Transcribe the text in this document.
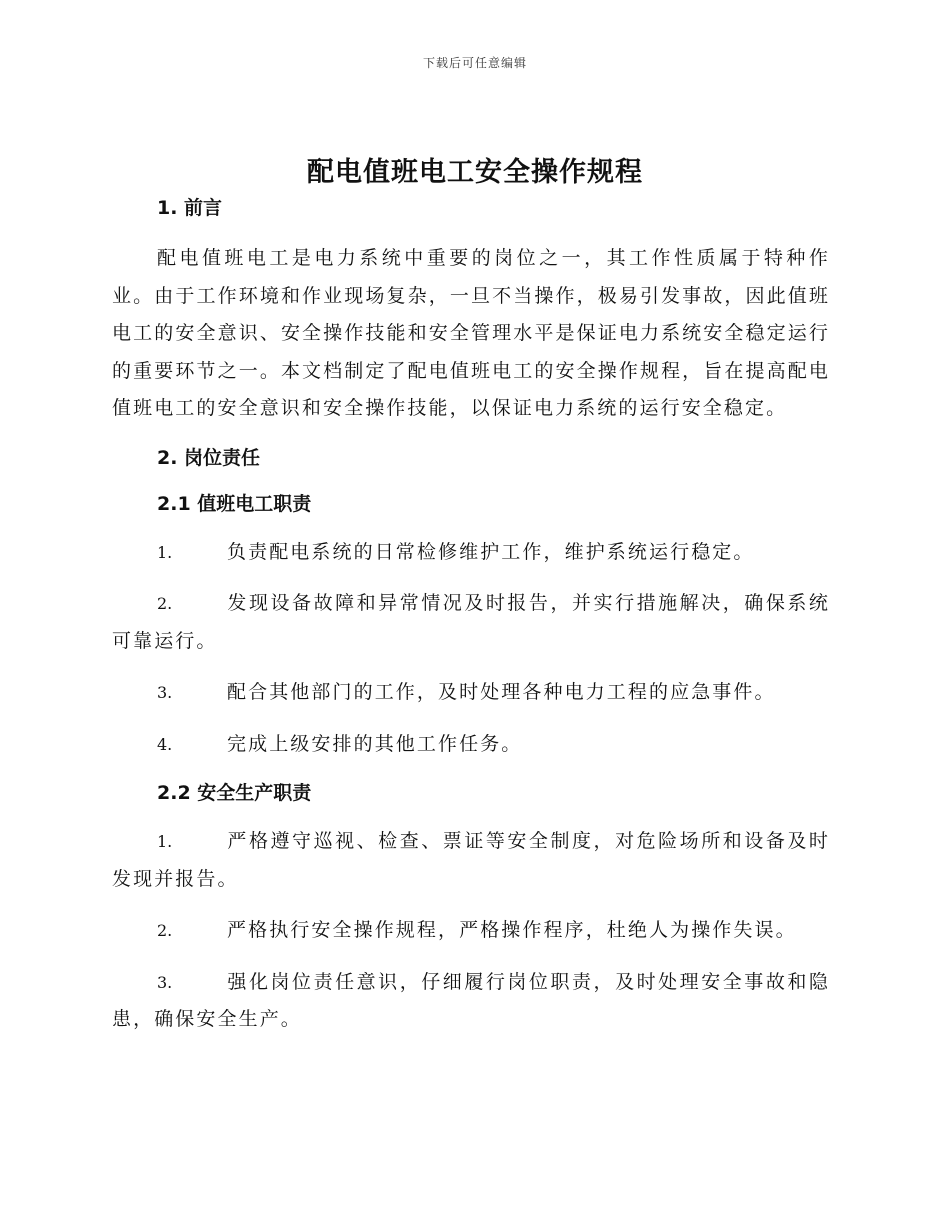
下载后可任意编辑
配电值班电工安全操作规程
1. 前言

配电值班电工是电力系统中重要的岗位之一，其工作性质属于特种作业。由于工作环境和作业现场复杂，一旦不当操作，极易引发事故，因此值班电工的安全意识、安全操作技能和安全管理水平是保证电力系统安全稳定运行的重要环节之一。本文档制定了配电值班电工的安全操作规程，旨在提高配电值班电工的安全意识和安全操作技能，以保证电力系统的运行安全稳定。

2. 岗位责任
2.1 值班电工职责

1.	负责配电系统的日常检修维护工作，维护系统运行稳定。

2.	发现设备故障和异常情况及时报告，并实行措施解决，确保系统可靠运行。

3.	配合其他部门的工作，及时处理各种电力工程的应急事件。

4.	完成上级安排的其他工作任务。

2.2 安全生产职责

1.	严格遵守巡视、检查、票证等安全制度，对危险场所和设备及时发现并报告。

2.	严格执行安全操作规程，严格操作程序，杜绝人为操作失误。

3.	强化岗位责任意识，仔细履行岗位职责，及时处理安全事故和隐患，确保安全生产。
